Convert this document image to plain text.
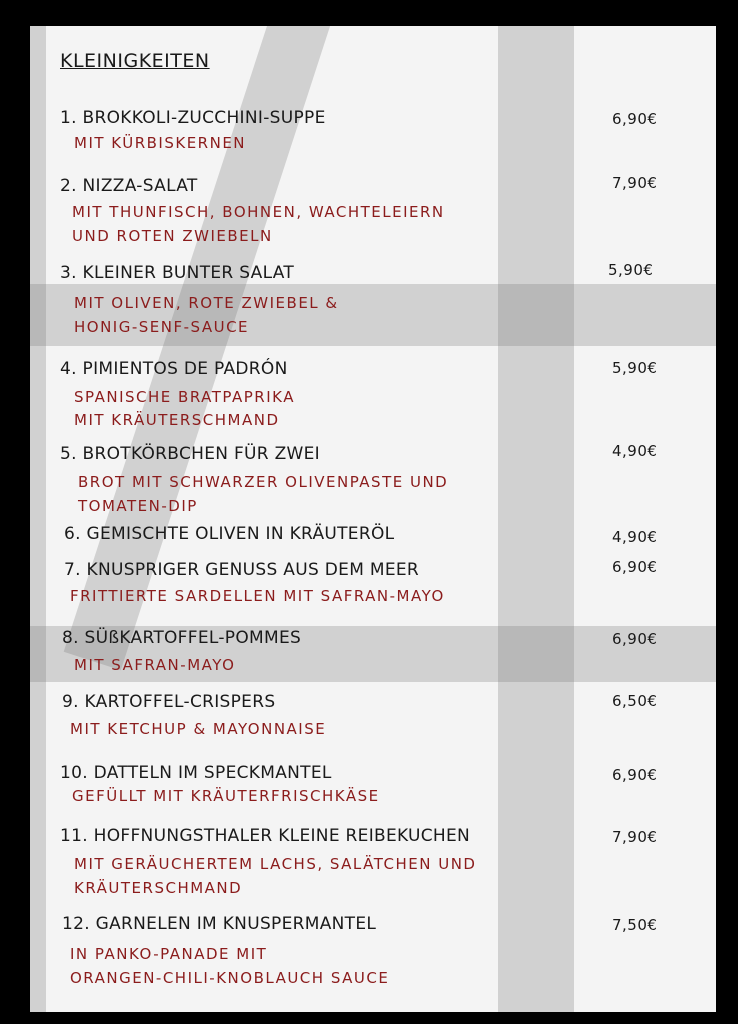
KLEINIGKEITEN
1. BROKKOLI-ZUCCHINI-SUPPE	6,90€
MIT KÜRBISKERNEN
2. NIZZA-SALAT	7,90€
MIT THUNFISCH, BOHNEN, WACHTELEIERN
UND ROTEN ZWIEBELN
3. KLEINER BUNTER SALAT	5,90€
MIT OLIVEN, ROTE ZWIEBEL &
HONIG-SENF-SAUCE
4. PIMIENTOS DE PADRÓN	5,90€
SPANISCHE BRATPAPRIKA
MIT KRÄUTERSCHMAND
5. BROTKÖRBCHEN FÜR ZWEI	4,90€
BROT MIT SCHWARZER OLIVENPASTE UND
TOMATEN-DIP
6. GEMISCHTE OLIVEN IN KRÄUTERÖL	4,90€
7. KNUSPRIGER GENUSS AUS DEM MEER	6,90€
FRITTIERTE SARDELLEN MIT SAFRAN-MAYO
8. SÜßKARTOFFEL-POMMES	6,90€
MIT SAFRAN-MAYO
9. KARTOFFEL-CRISPERS	6,50€
MIT KETCHUP & MAYONNAISE
10. DATTELN IM SPECKMANTEL	6,90€
GEFÜLLT MIT KRÄUTERFRISCHKÄSE
11. HOFFNUNGSTHALER KLEINE REIBEKUCHEN	7,90€
MIT GERÄUCHERTEM LACHS, SALÄTCHEN UND
KRÄUTERSCHMAND
12. GARNELEN IM KNUSPERMANTEL	7,50€
IN PANKO-PANADE MIT
ORANGEN-CHILI-KNOBLAUCH SAUCE
